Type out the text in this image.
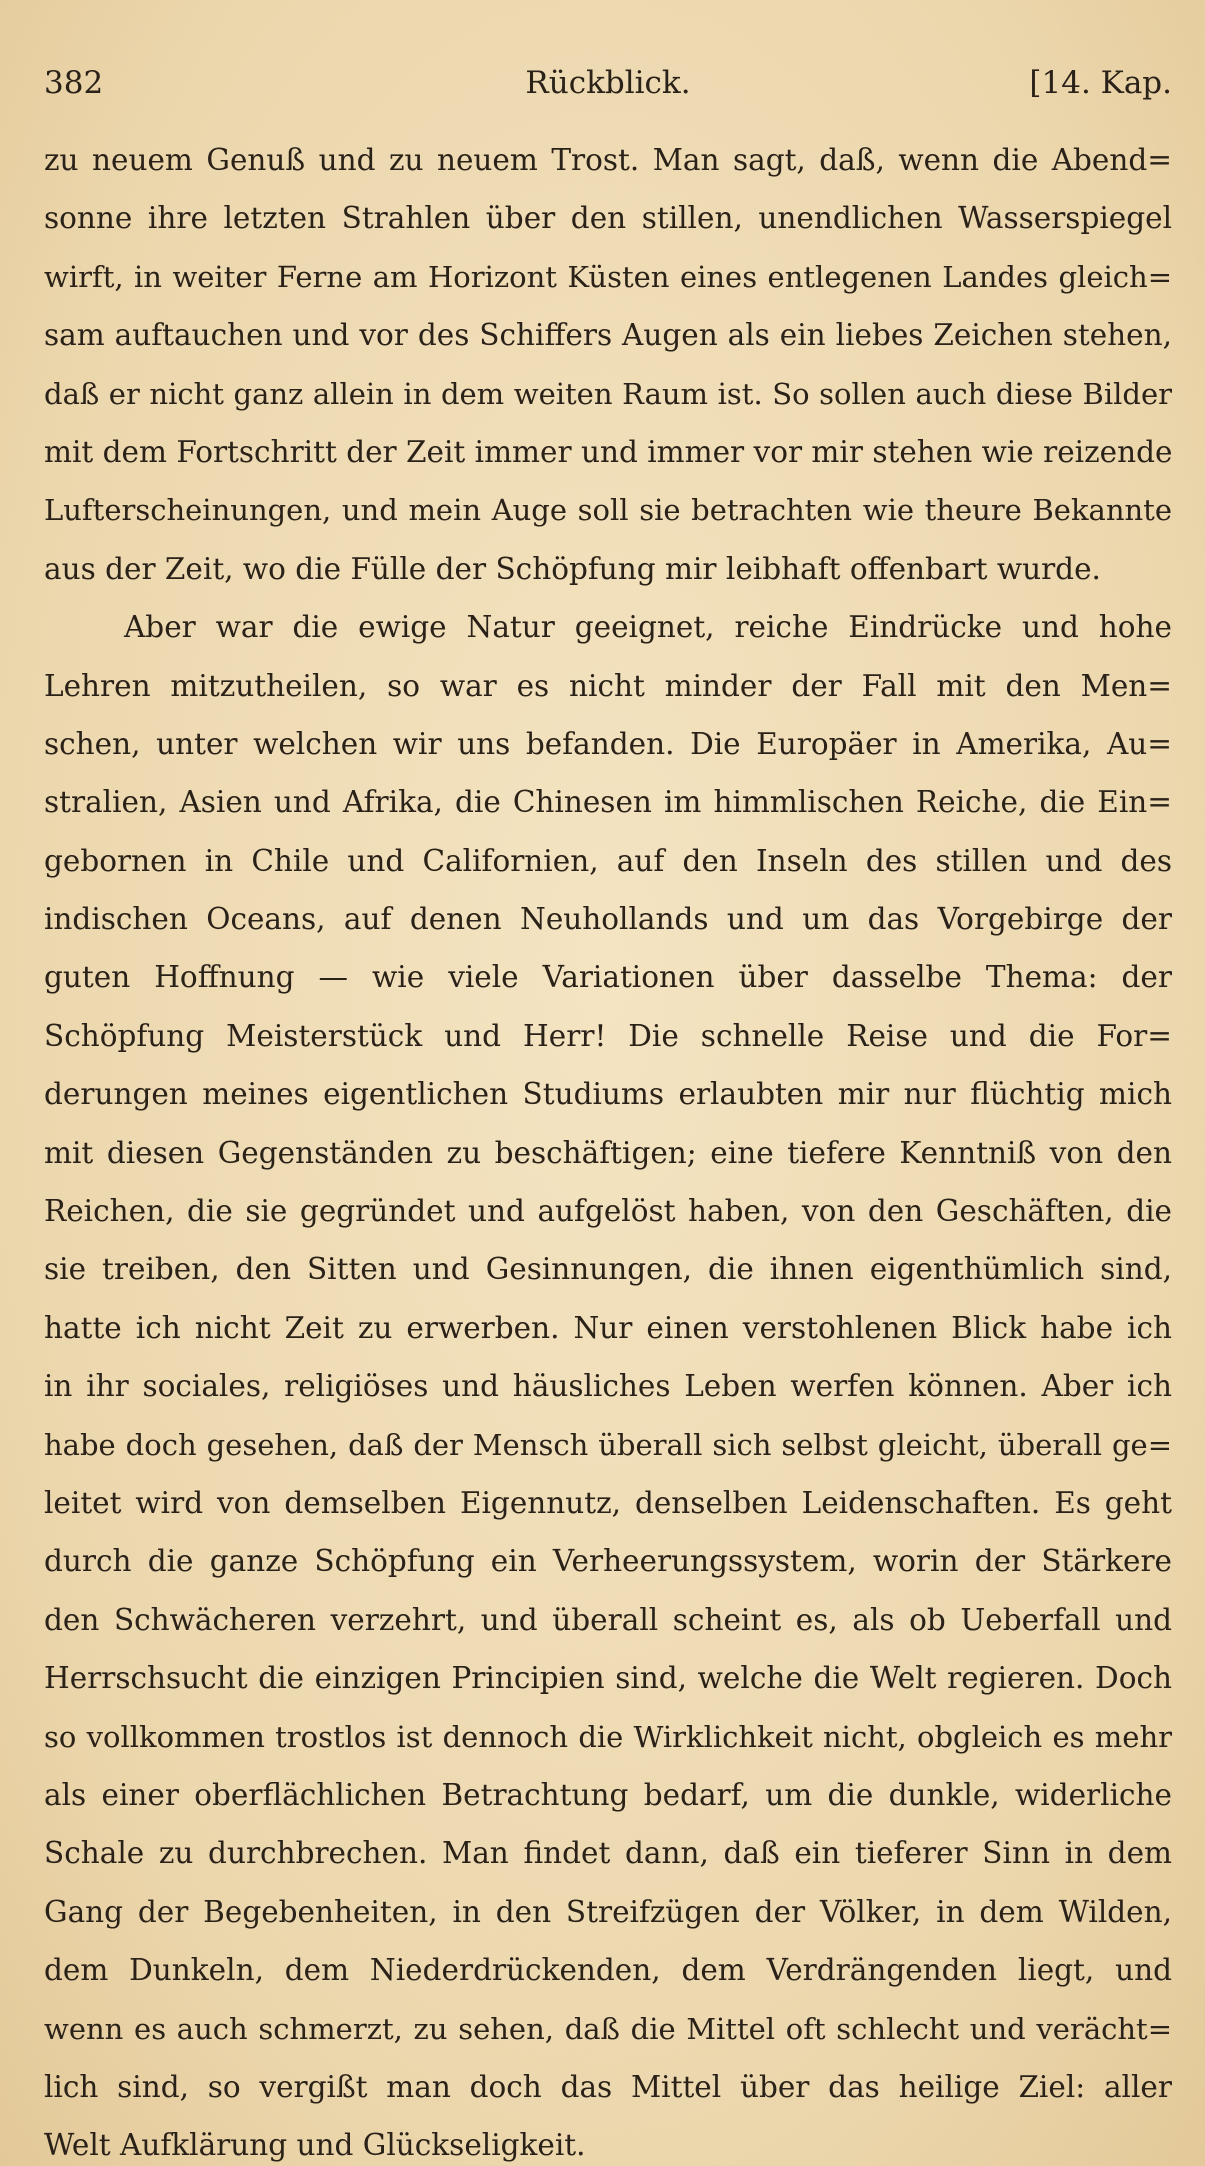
382	Rückblick.	[14. Kap.
zu neuem Genuß und zu neuem Trost. Man sagt, daß, wenn die Abend=
sonne ihre letzten Strahlen über den stillen, unendlichen Wasserspiegel
wirft, in weiter Ferne am Horizont Küsten eines entlegenen Landes gleich=
sam auftauchen und vor des Schiffers Augen als ein liebes Zeichen stehen,
daß er nicht ganz allein in dem weiten Raum ist. So sollen auch diese Bilder
mit dem Fortschritt der Zeit immer und immer vor mir stehen wie reizende
Lufterscheinungen, und mein Auge soll sie betrachten wie theure Bekannte
aus der Zeit, wo die Fülle der Schöpfung mir leibhaft offenbart wurde.
Aber war die ewige Natur geeignet, reiche Eindrücke und hohe
Lehren mitzutheilen, so war es nicht minder der Fall mit den Men=
schen, unter welchen wir uns befanden. Die Europäer in Amerika, Au=
stralien, Asien und Afrika, die Chinesen im himmlischen Reiche, die Ein=
gebornen in Chile und Californien, auf den Inseln des stillen und des
indischen Oceans, auf denen Neuhollands und um das Vorgebirge der
guten Hoffnung — wie viele Variationen über dasselbe Thema: der
Schöpfung Meisterstück und Herr! Die schnelle Reise und die For=
derungen meines eigentlichen Studiums erlaubten mir nur flüchtig mich
mit diesen Gegenständen zu beschäftigen; eine tiefere Kenntniß von den
Reichen, die sie gegründet und aufgelöst haben, von den Geschäften, die
sie treiben, den Sitten und Gesinnungen, die ihnen eigenthümlich sind,
hatte ich nicht Zeit zu erwerben. Nur einen verstohlenen Blick habe ich
in ihr sociales, religiöses und häusliches Leben werfen können. Aber ich
habe doch gesehen, daß der Mensch überall sich selbst gleicht, überall ge=
leitet wird von demselben Eigennutz, denselben Leidenschaften. Es geht
durch die ganze Schöpfung ein Verheerungssystem, worin der Stärkere
den Schwächeren verzehrt, und überall scheint es, als ob Ueberfall und
Herrschsucht die einzigen Principien sind, welche die Welt regieren. Doch
so vollkommen trostlos ist dennoch die Wirklichkeit nicht, obgleich es mehr
als einer oberflächlichen Betrachtung bedarf, um die dunkle, widerliche
Schale zu durchbrechen. Man findet dann, daß ein tieferer Sinn in dem
Gang der Begebenheiten, in den Streifzügen der Völker, in dem Wilden,
dem Dunkeln, dem Niederdrückenden, dem Verdrängenden liegt, und
wenn es auch schmerzt, zu sehen, daß die Mittel oft schlecht und verächt=
lich sind, so vergißt man doch das Mittel über das heilige Ziel: aller
Welt Aufklärung und Glückseligkeit.
